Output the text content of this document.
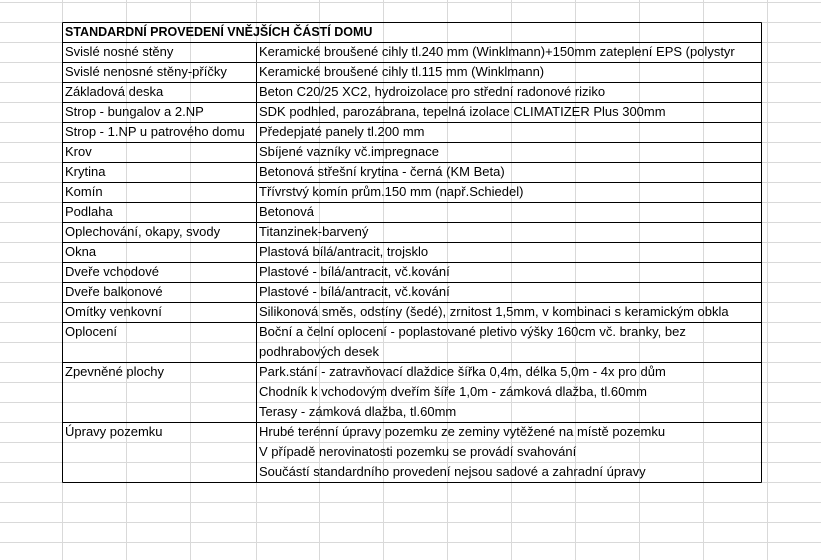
STANDARDNÍ PROVEDENÍ VNĚJŠÍCH ČÁSTÍ DOMU
Svislé nosné stěny	Keramické broušené cihly tl.240 mm (Winklmann)+150mm zateplení EPS (polystyr
Svislé nenosné stěny-příčky	Keramické broušené cihly tl.115 mm (Winklmann)
Základová deska	Beton C20/25 XC2, hydroizolace pro střední radonové riziko
Strop - bungalov a 2.NP	SDK podhled, parozábrana, tepelná izolace CLIMATIZER Plus 300mm
Strop - 1.NP u patrového domu	Předepjaté panely tl.200 mm
Krov	Sbíjené vazníky vč.impregnace
Krytina	Betonová střešní krytina - černá (KM Beta)
Komín	Třívrstvý komín prům.150 mm (např.Schiedel)
Podlaha	Betonová
Oplechování, okapy, svody	Titanzinek-barvený
Okna	Plastová bílá/antracit, trojsklo
Dveře vchodové	Plastové - bílá/antracit, vč.kování
Dveře balkonové	Plastové - bílá/antracit, vč.kování
Omítky venkovní	Silikonová směs, odstíny (šedé), zrnitost 1,5mm, v kombinaci s keramickým obkla
Oplocení	Boční a čelní oplocení - poplastované pletivo výšky 160cm vč. branky, bez
podhrabových desek
Zpevněné plochy	Park.stání - zatravňovací dlaždice šířka 0,4m, délka 5,0m - 4x pro dům
Chodník k vchodovým dveřím šíře 1,0m - zámková dlažba, tl.60mm
Terasy - zámková dlažba, tl.60mm
Úpravy pozemku	Hrubé terénní úpravy pozemku ze zeminy vytěžené na místě pozemku
V případě nerovinatosti pozemku se provádí svahování
Součástí standardního provedení nejsou sadové a zahradní úpravy
